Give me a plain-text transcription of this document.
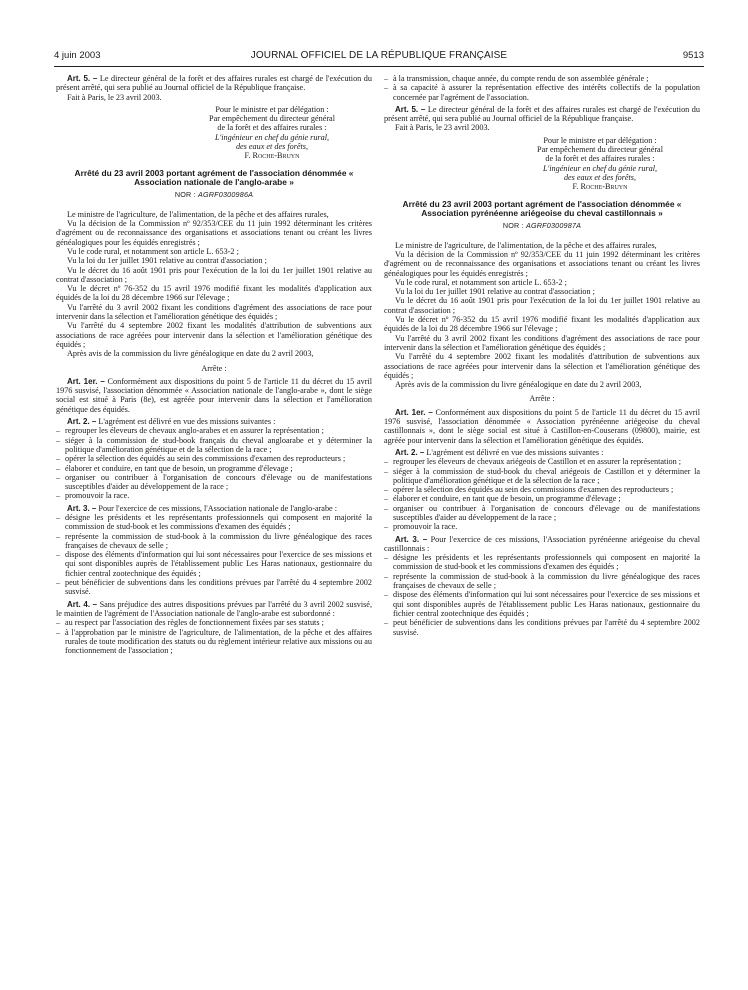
4 juin 2003	JOURNAL OFFICIEL DE LA RÉPUBLIQUE FRANÇAISE	9513

Art. 5. – Le directeur général de la forêt et des affaires rurales est chargé de l'exécution du présent arrêté, qui sera publié au Journal officiel de la République française.

Fait à Paris, le 23 avril 2003.

Pour le ministre et par délégation :
Par empêchement du directeur général
de la forêt et des affaires rurales :
L'ingénieur en chef du génie rural,
des eaux et des forêts,
F. Roche-Bruyn
Arrêté du 23 avril 2003 portant agrément de l'association dénommée « Association nationale de l'anglo-arabe »
NOR : AGRF0300986A

Le ministre de l'agriculture, de l'alimentation, de la pêche et des affaires rurales,

Vu la décision de la Commission nº 92/353/CEE du 11 juin 1992 déterminant les critères d'agrément ou de reconnaissance des organisations et associations tenant ou créant les livres généalogiques pour les équidés enregistrés ;

Vu le code rural, et notamment son article L. 653-2 ;

Vu la loi du 1er juillet 1901 relative au contrat d'association ;

Vu le décret du 16 août 1901 pris pour l'exécution de la loi du 1er juillet 1901 relative au contrat d'association ;

Vu le décret nº 76-352 du 15 avril 1976 modifié fixant les modalités d'application aux équidés de la loi du 28 décembre 1966 sur l'élevage ;

Vu l'arrêté du 3 avril 2002 fixant les conditions d'agrément des associations de race pour intervenir dans la sélection et l'amélioration génétique des équidés ;

Vu l'arrêté du 4 septembre 2002 fixant les modalités d'attribution de subventions aux associations de race agréées pour intervenir dans la sélection et l'amélioration génétique des équidés ;

Après avis de la commission du livre généalogique en date du 2 avril 2003,

Arrête :

Art. 1er. – Conformément aux dispositions du point 5 de l'article 11 du décret du 15 avril 1976 susvisé, l'association dénommée « Association nationale de l'anglo-arabe », dont le siège social est situé à Paris (8e), est agréée pour intervenir dans la sélection et l'amélioration génétique des équidés.

Art. 2. – L'agrément est délivré en vue des missions suivantes :

– regrouper les éleveurs de chevaux anglo-arabes et en assurer la représentation ;
– siéger à la commission de stud-book français du cheval angloarabe et y déterminer la politique d'amélioration génétique et de la sélection de la race ;
– opérer la sélection des équidés au sein des commissions d'examen des reproducteurs ;
– élaborer et conduire, en tant que de besoin, un programme d'élevage ;
– organiser ou contribuer à l'organisation de concours d'élevage ou de manifestations susceptibles d'aider au développement de la race ;
– promouvoir la race.

Art. 3. – Pour l'exercice de ces missions, l'Association nationale de l'anglo-arabe :

– désigne les présidents et les représentants professionnels qui composent en majorité la commission de stud-book et les commissions d'examen des équidés ;
– représente la commission de stud-book à la commission du livre généalogique des races françaises de chevaux de selle ;
– dispose des éléments d'information qui lui sont nécessaires pour l'exercice de ses missions et qui sont disponibles auprès de l'établissement public Les Haras nationaux, gestionnaire du fichier central zootechnique des équidés ;
– peut bénéficier de subventions dans les conditions prévues par l'arrêté du 4 septembre 2002 susvisé.

Art. 4. – Sans préjudice des autres dispositions prévues par l'arrêté du 3 avril 2002 susvisé, le maintien de l'agrément de l'Association nationale de l'anglo-arabe est subordonné :

– au respect par l'association des règles de fonctionnement fixées par ses statuts ;
– à l'approbation par le ministre de l'agriculture, de l'alimentation, de la pêche et des affaires rurales de toute modification des statuts ou du règlement intérieur relative aux missions ou au fonctionnement de l'association ;
– à la transmission, chaque année, du compte rendu de son assemblée générale ;
– à sa capacité à assurer la représentation effective des intérêts collectifs de la population concernée par l'agrément de l'association.

Art. 5. – Le directeur général de la forêt et des affaires rurales est chargé de l'exécution du présent arrêté, qui sera publié au Journal officiel de la République française.

Fait à Paris, le 23 avril 2003.

Pour le ministre et par délégation :
Par empêchement du directeur général
de la forêt et des affaires rurales :
L'ingénieur en chef du génie rural,
des eaux et des forêts,
F. Roche-Bruyn
Arrêté du 23 avril 2003 portant agrément de l'association dénommée « Association pyrénéenne ariégeoise du cheval castillonnais »
NOR : AGRF0300987A

Le ministre de l'agriculture, de l'alimentation, de la pêche et des affaires rurales,

Vu la décision de la Commission nº 92/353/CEE du 11 juin 1992 déterminant les critères d'agrément ou de reconnaissance des organisations et associations tenant ou créant les livres généalogiques pour les équidés enregistrés ;

Vu le code rural, et notamment son article L. 653-2 ;

Vu la loi du 1er juillet 1901 relative au contrat d'association ;

Vu le décret du 16 août 1901 pris pour l'exécution de la loi du 1er juillet 1901 relative au contrat d'association ;

Vu le décret nº 76-352 du 15 avril 1976 modifié fixant les modalités d'application aux équidés de la loi du 28 décembre 1966 sur l'élevage ;

Vu l'arrêté du 3 avril 2002 fixant les conditions d'agrément des associations de race pour intervenir dans la sélection et l'amélioration génétique des équidés ;

Vu l'arrêté du 4 septembre 2002 fixant les modalités d'attribution de subventions aux associations de race agréées pour intervenir dans la sélection et l'amélioration génétique des équidés ;

Après avis de la commission du livre généalogique en date du 2 avril 2003,

Arrête :

Art. 1er. – Conformément aux dispositions du point 5 de l'article 11 du décret du 15 avril 1976 susvisé, l'association dénommée « Association pyrénéenne ariégeoise du cheval castillonnais », dont le siège social est situé à Castillon-en-Couserans (09800), mairie, est agréée pour intervenir dans la sélection et l'amélioration génétique des équidés.

Art. 2. – L'agrément est délivré en vue des missions suivantes :

– regrouper les éleveurs de chevaux ariégeois de Castillon et en assurer la représentation ;
– siéger à la commission de stud-book du cheval ariégeois de Castillon et y déterminer la politique d'amélioration génétique et de la sélection de la race ;
– opérer la sélection des équidés au sein des commissions d'examen des reproducteurs ;
– élaborer et conduire, en tant que de besoin, un programme d'élevage ;
– organiser ou contribuer à l'organisation de concours d'élevage ou de manifestations susceptibles d'aider au développement de la race ;
– promouvoir la race.

Art. 3. – Pour l'exercice de ces missions, l'Association pyrénéenne ariégeoise du cheval castillonnais :

– désigne les présidents et les représentants professionnels qui composent en majorité la commission de stud-book et les commissions d'examen des équidés ;
– représente la commission de stud-book à la commission du livre généalogique des races françaises de chevaux de selle ;
– dispose des éléments d'information qui lui sont nécessaires pour l'exercice de ses missions et qui sont disponibles auprès de l'établissement public Les Haras nationaux, gestionnaire du fichier central zootechnique des équidés ;
– peut bénéficier de subventions dans les conditions prévues par l'arrêté du 4 septembre 2002 susvisé.
